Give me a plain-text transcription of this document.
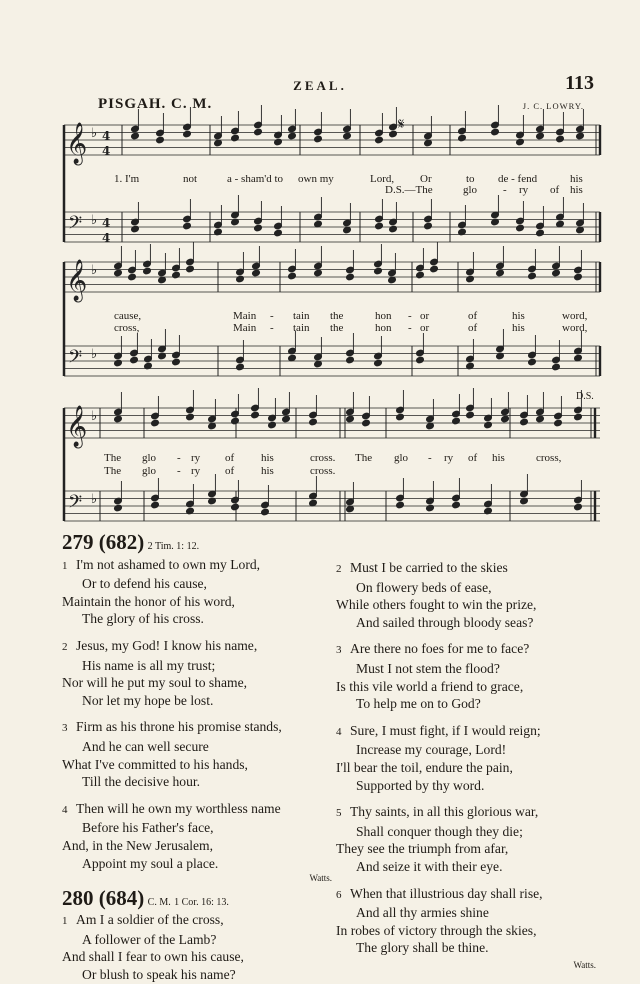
ZEAL.	113
PISGAH. C. M.	J. C. LOWRY.
𝄞
𝄢
4
4
4
4
♭
♭
𝄞
𝄢
♭
♭
𝄞
𝄢
♭
♭
𝄋
1. I'm	not	a - sham'd to own my	Lord, Or	to de - fend	his
D.S.—The	glo - ry of his
cause,	Main - tain the	hon - or	of	his	word,
cross,	Main - tain the	hon - or	of	his	word,
The glo - ry of his	cross. The glo - ry of his	cross,
The glo - ry of his	cross.
D.S.
279 (682) 2 Tim. 1: 12.
1 I'm not ashamed to own my Lord,
Or to defend his cause,
Maintain the honor of his word,
The glory of his cross.
2 Jesus, my God! I know his name,
His name is all my trust;
Nor will he put my soul to shame,
Nor let my hope be lost.
3 Firm as his throne his promise stands,
And he can well secure
What I've committed to his hands,
Till the decisive hour.
4 Then will he own my worthless name
Before his Father's face,
And, in the New Jerusalem,
Appoint my soul a place.
Watts.
280 (684) C. M. 1 Cor. 16: 13.
1 Am I a soldier of the cross,
A follower of the Lamb?
And shall I fear to own his cause,
Or blush to speak his name?
2 Must I be carried to the skies
On flowery beds of ease,
While others fought to win the prize,
And sailed through bloody seas?
3 Are there no foes for me to face?
Must I not stem the flood?
Is this vile world a friend to grace,
To help me on to God?
4 Sure, I must fight, if I would reign;
Increase my courage, Lord!
I'll bear the toil, endure the pain,
Supported by thy word.
5 Thy saints, in all this glorious war,
Shall conquer though they die;
They see the triumph from afar,
And seize it with their eye.
6 When that illustrious day shall rise,
And all thy armies shine
In robes of victory through the skies,
The glory shall be thine.
Watts.
